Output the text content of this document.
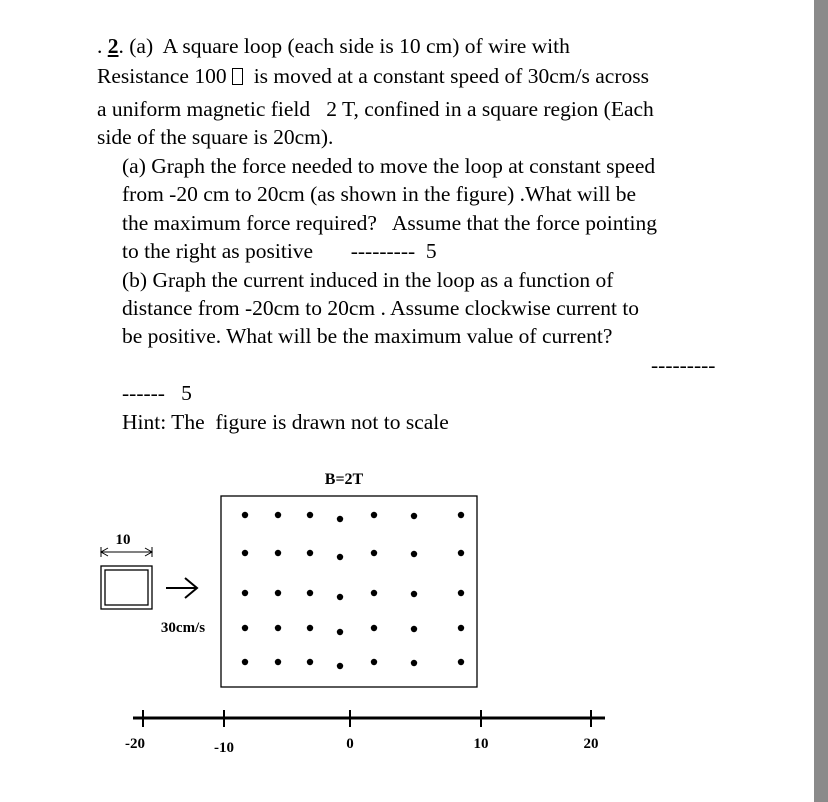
. 2. (a)  A square loop (each side is 10 cm) of wire with
Resistance 100   is moved at a constant speed of 30cm/s across
a uniform magnetic field   2 T, confined in a square region (Each
side of the square is 20cm).
(a) Graph the force needed to move the loop at constant speed
from -20 cm to 20cm (as shown in the figure) .What will be
the maximum force required?   Assume that the force pointing
to the right as positive       ---------  5
(b) Graph the current induced in the loop as a function of
distance from -20cm to 20cm . Assume clockwise current to
be positive. What will be the maximum value of current?
---------
------   5
Hint: The  figure is drawn not to scale
B=2T
10
30cm/s
-20	-10	0	10	20
